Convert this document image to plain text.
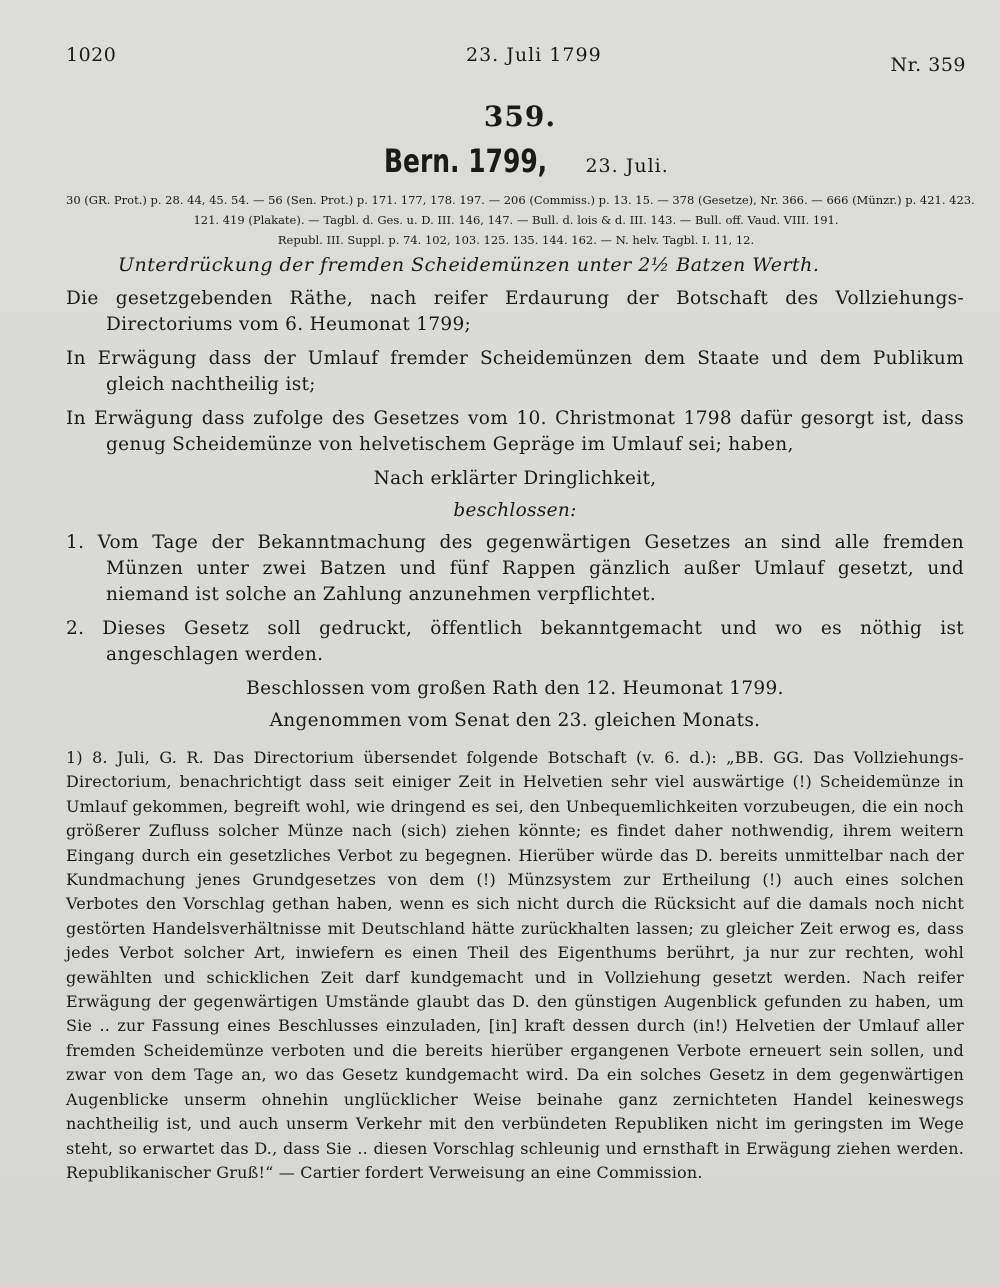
1020	23. Juli 1799	Nr. 359
359.
Bern. 1799, 23. Juli.
30 (GR. Prot.) p. 28. 44, 45. 54. — 56 (Sen. Prot.) p. 171. 177, 178. 197. — 206 (Commiss.) p. 13. 15. — 378 (Gesetze), Nr. 366. — 666 (Münzr.) p. 421. 423.
121. 419 (Plakate). — Tagbl. d. Ges. u. D. III. 146, 147. — Bull. d. lois & d. III. 143. — Bull. off. Vaud. VIII. 191.
Republ. III. Suppl. p. 74. 102, 103. 125. 135. 144. 162. — N. helv. Tagbl. I. 11, 12.
Unterdrückung der fremden Scheidemünzen unter 2½ Batzen Werth.

Die gesetzgebenden Räthe, nach reifer Erdaurung der Botschaft des Vollziehungs-Directoriums vom 6. Heumonat 1799;

In Erwägung dass der Umlauf fremder Scheidemünzen dem Staate und dem Publikum gleich nachtheilig ist;

In Erwägung dass zufolge des Gesetzes vom 10. Christmonat 1798 dafür gesorgt ist, dass genug Scheidemünze von helvetischem Gepräge im Umlauf sei; haben,

Nach erklärter Dringlichkeit,

beschlossen:

1. Vom Tage der Bekanntmachung des gegenwärtigen Gesetzes an sind alle fremden Münzen unter zwei Batzen und fünf Rappen gänzlich außer Umlauf gesetzt, und niemand ist solche an Zahlung anzunehmen verpflichtet.

2. Dieses Gesetz soll gedruckt, öffentlich bekanntgemacht und wo es nöthig ist angeschlagen werden.

Beschlossen vom großen Rath den 12. Heumonat 1799.

Angenommen vom Senat den 23. gleichen Monats.

1) 8. Juli, G. R. Das Directorium übersendet folgende Botschaft (v. 6. d.): „BB. GG. Das Vollziehungs-Directorium, benachrichtigt dass seit einiger Zeit in Helvetien sehr viel auswärtige (!) Scheidemünze in Umlauf gekommen, begreift wohl, wie dringend es sei, den Unbequemlichkeiten vorzubeugen, die ein noch größerer Zufluss solcher Münze nach (sich) ziehen könnte; es findet daher nothwendig, ihrem weitern Eingang durch ein gesetzliches Verbot zu begegnen. Hierüber würde das D. bereits unmittelbar nach der Kundmachung jenes Grundgesetzes von dem (!) Münzsystem zur Ertheilung (!) auch eines solchen Verbotes den Vorschlag gethan haben, wenn es sich nicht durch die Rücksicht auf die damals noch nicht gestörten Handelsverhältnisse mit Deutschland hätte zurückhalten lassen; zu gleicher Zeit erwog es, dass jedes Verbot solcher Art, inwiefern es einen Theil des Eigenthums berührt, ja nur zur rechten, wohl gewählten und schicklichen Zeit darf kundgemacht und in Vollziehung gesetzt werden. Nach reifer Erwägung der gegenwärtigen Umstände glaubt das D. den günstigen Augenblick gefunden zu haben, um Sie .. zur Fassung eines Beschlusses einzuladen, [in] kraft dessen durch (in!) Helvetien der Umlauf aller fremden Scheidemünze verboten und die bereits hierüber ergangenen Verbote erneuert sein sollen, und zwar von dem Tage an, wo das Gesetz kundgemacht wird. Da ein solches Gesetz in dem gegenwärtigen Augenblicke unserm ohnehin unglücklicher Weise beinahe ganz zernichteten Handel keineswegs nachtheilig ist, und auch unserm Verkehr mit den verbündeten Republiken nicht im geringsten im Wege steht, so erwartet das D., dass Sie .. diesen Vorschlag schleunig und ernsthaft in Erwägung ziehen werden. Republikanischer Gruß!“ — Cartier fordert Verweisung an eine Commission.
